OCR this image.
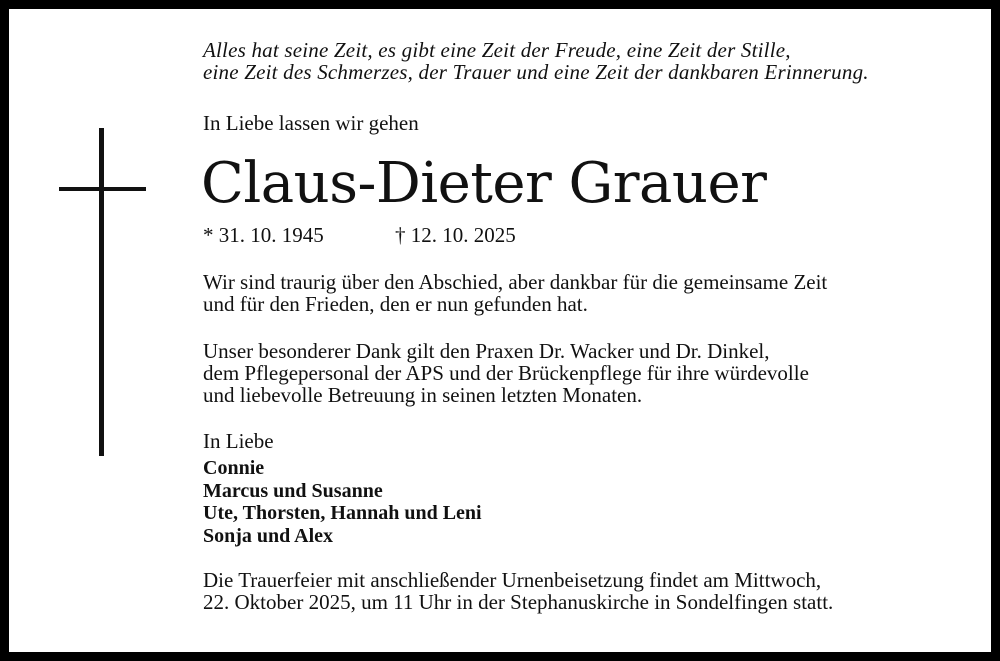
Alles hat seine Zeit, es gibt eine Zeit der Freude, eine Zeit der Stille,
eine Zeit des Schmerzes, der Trauer und eine Zeit der dankbaren Erinnerung.
In Liebe lassen wir gehen
Claus-Dieter Grauer
* 31. 10. 1945	† 12. 10. 2025
Wir sind traurig über den Abschied, aber dankbar für die gemeinsame Zeit
und für den Frieden, den er nun gefunden hat.
Unser besonderer Dank gilt den Praxen Dr. Wacker und Dr. Dinkel,
dem Pflegepersonal der APS und der Brückenpflege für ihre würdevolle
und liebevolle Betreuung in seinen letzten Monaten.
In Liebe
Connie
Marcus und Susanne
Ute, Thorsten, Hannah und Leni
Sonja und Alex
Die Trauerfeier mit anschließender Urnenbeisetzung findet am Mittwoch,
22. Oktober 2025, um 11 Uhr in der Stephanuskirche in Sondelfingen statt.
